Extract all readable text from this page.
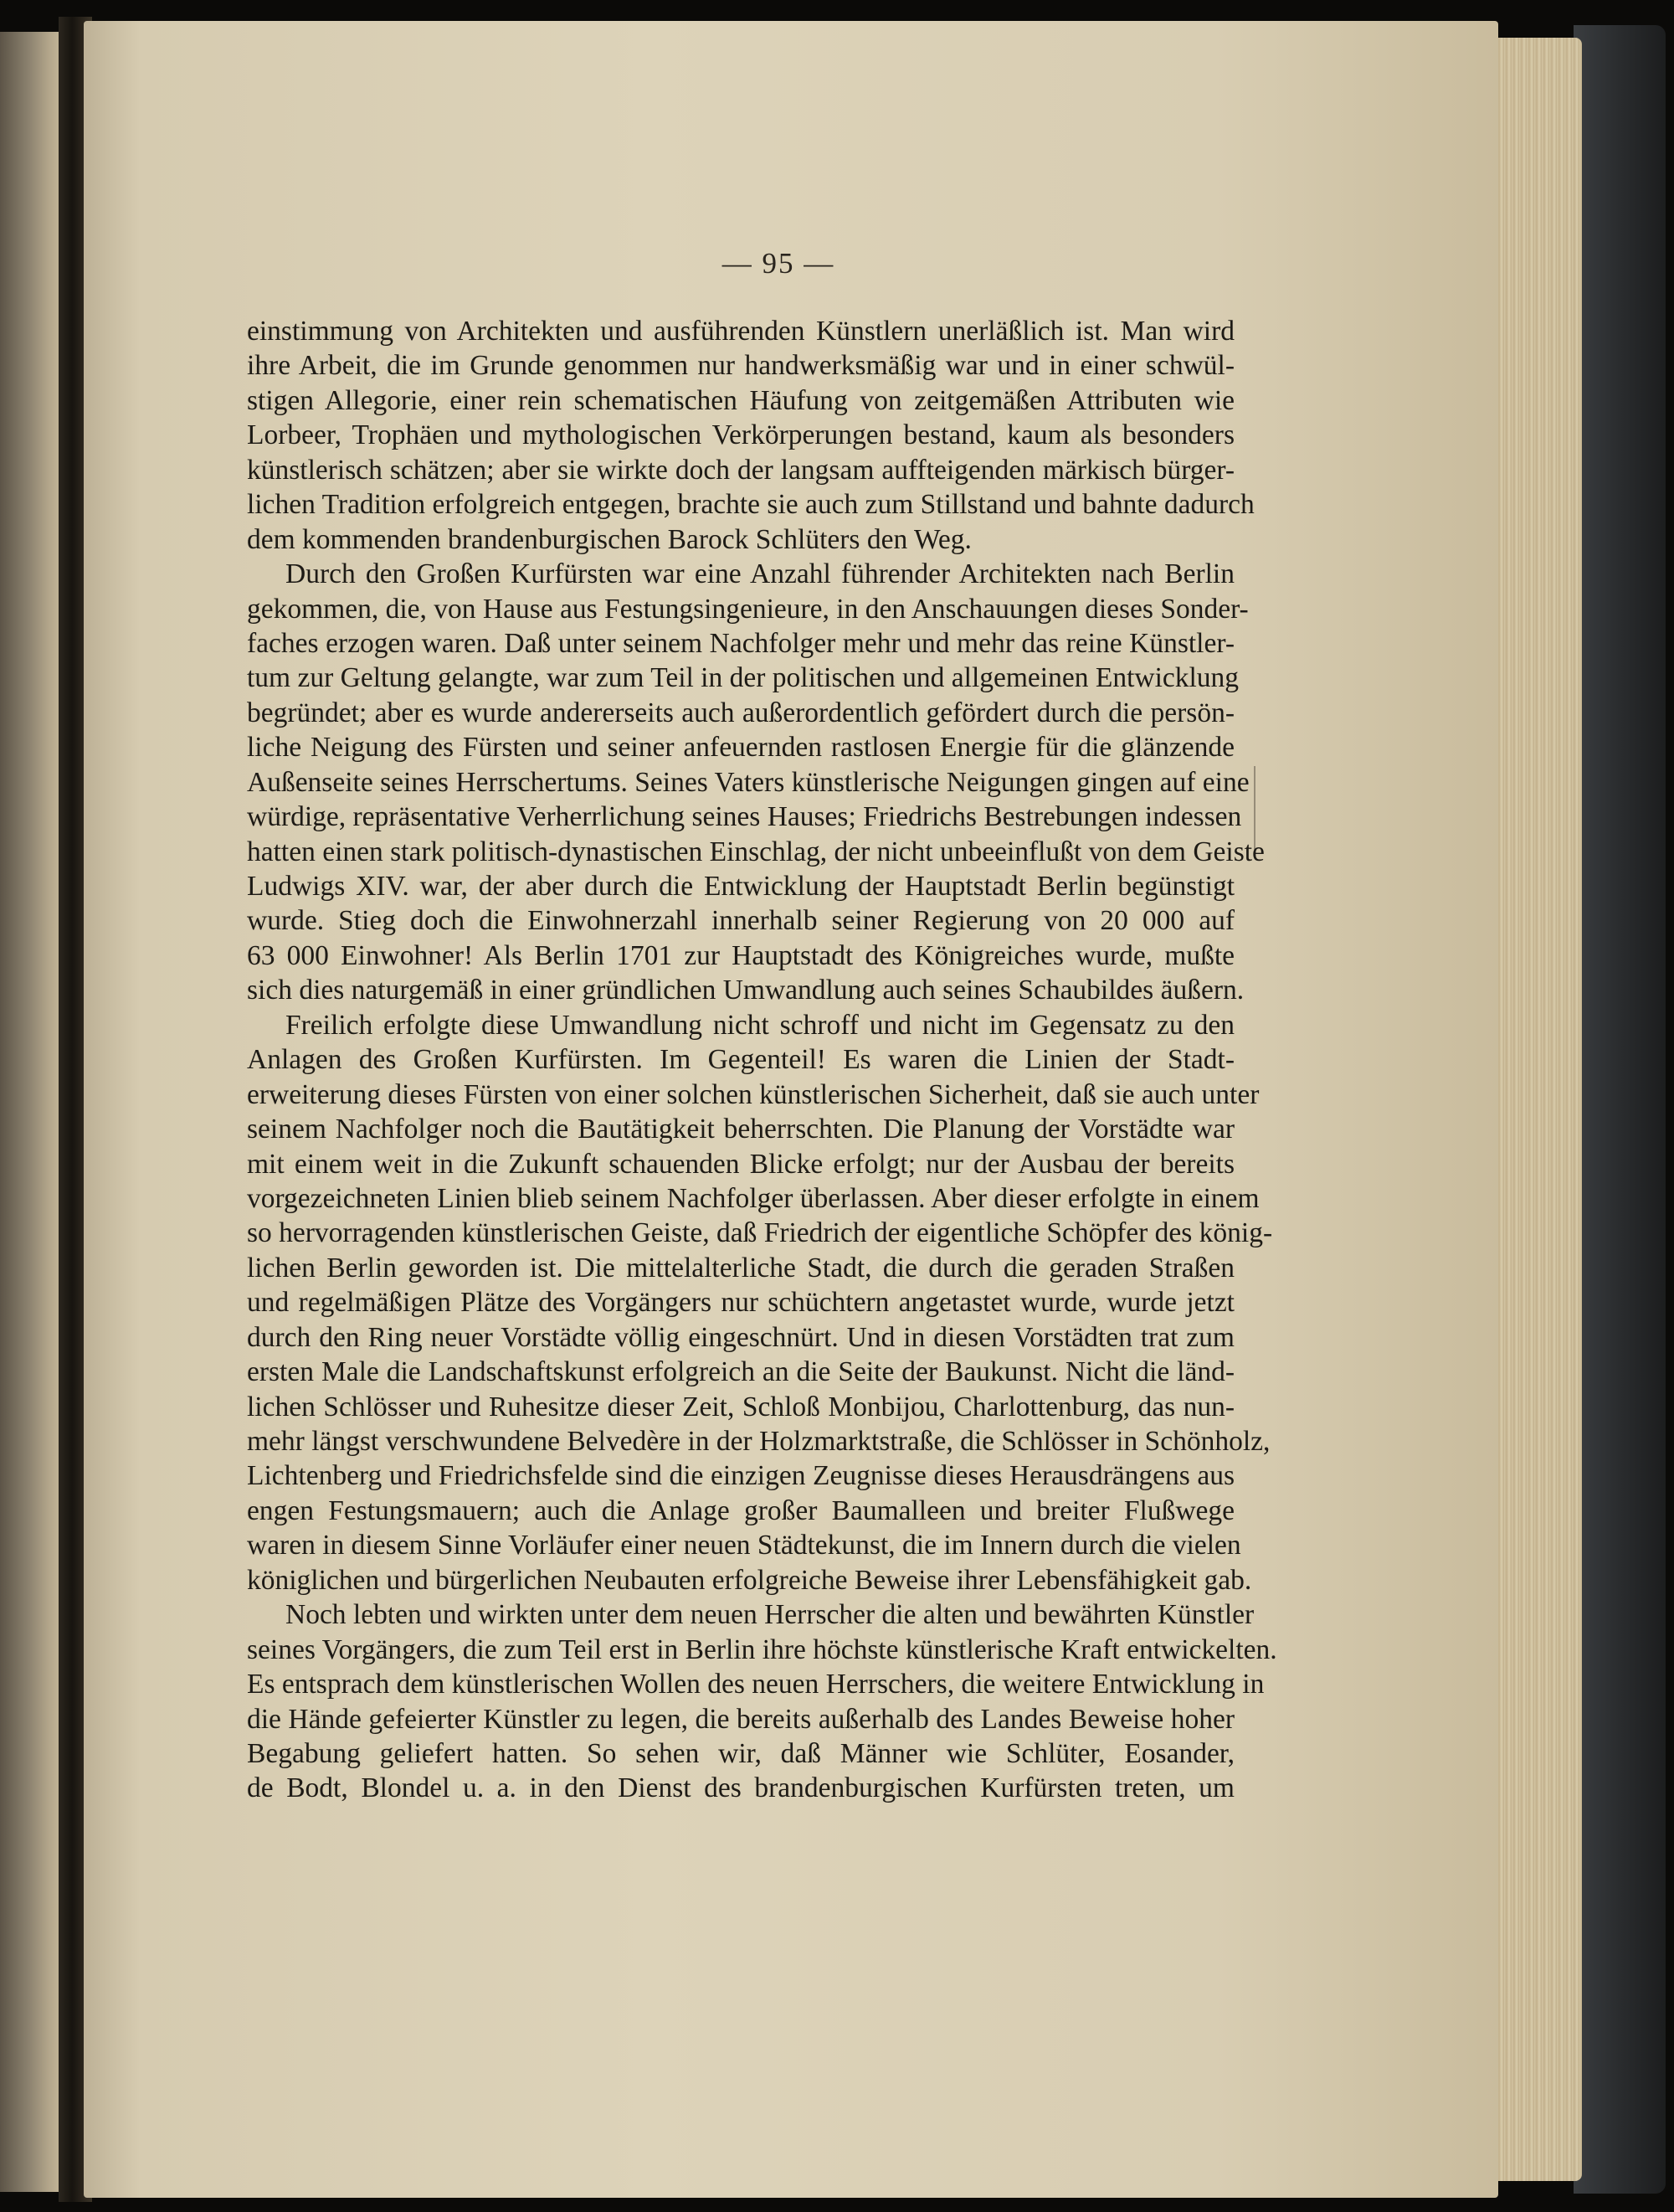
— 95 —
einstimmung von Architekten und ausführenden Künstlern unerläßlich ist. Man wird
ihre Arbeit, die im Grunde genommen nur handwerksmäßig war und in einer schwül-
stigen Allegorie, einer rein schematischen Häufung von zeitgemäßen Attributen wie
Lorbeer, Trophäen und mythologischen Verkörperungen bestand, kaum als besonders
künstlerisch schätzen; aber sie wirkte doch der langsam auffteigenden märkisch bürger-
lichen Tradition erfolgreich entgegen, brachte sie auch zum Stillstand und bahnte dadurch
dem kommenden brandenburgischen Barock Schlüters den Weg.
Durch den Großen Kurfürsten war eine Anzahl führender Architekten nach Berlin
gekommen, die, von Hause aus Festungsingenieure, in den Anschauungen dieses Sonder-
faches erzogen waren. Daß unter seinem Nachfolger mehr und mehr das reine Künstler-
tum zur Geltung gelangte, war zum Teil in der politischen und allgemeinen Entwicklung
begründet; aber es wurde andererseits auch außerordentlich gefördert durch die persön-
liche Neigung des Fürsten und seiner anfeuernden rastlosen Energie für die glänzende
Außenseite seines Herrschertums. Seines Vaters künstlerische Neigungen gingen auf eine
würdige, repräsentative Verherrlichung seines Hauses; Friedrichs Bestrebungen indessen
hatten einen stark politisch-dynastischen Einschlag, der nicht unbeeinflußt von dem Geiste
Ludwigs XIV. war, der aber durch die Entwicklung der Hauptstadt Berlin begünstigt
wurde. Stieg doch die Einwohnerzahl innerhalb seiner Regierung von 20 000 auf
63 000 Einwohner! Als Berlin 1701 zur Hauptstadt des Königreiches wurde, mußte
sich dies naturgemäß in einer gründlichen Umwandlung auch seines Schaubildes äußern.
Freilich erfolgte diese Umwandlung nicht schroff und nicht im Gegensatz zu den
Anlagen des Großen Kurfürsten. Im Gegenteil! Es waren die Linien der Stadt-
erweiterung dieses Fürsten von einer solchen künstlerischen Sicherheit, daß sie auch unter
seinem Nachfolger noch die Bautätigkeit beherrschten. Die Planung der Vorstädte war
mit einem weit in die Zukunft schauenden Blicke erfolgt; nur der Ausbau der bereits
vorgezeichneten Linien blieb seinem Nachfolger überlassen. Aber dieser erfolgte in einem
so hervorragenden künstlerischen Geiste, daß Friedrich der eigentliche Schöpfer des könig-
lichen Berlin geworden ist. Die mittelalterliche Stadt, die durch die geraden Straßen
und regelmäßigen Plätze des Vorgängers nur schüchtern angetastet wurde, wurde jetzt
durch den Ring neuer Vorstädte völlig eingeschnürt. Und in diesen Vorstädten trat zum
ersten Male die Landschaftskunst erfolgreich an die Seite der Baukunst. Nicht die länd-
lichen Schlösser und Ruhesitze dieser Zeit, Schloß Monbijou, Charlottenburg, das nun-
mehr längst verschwundene Belvedère in der Holzmarktstraße, die Schlösser in Schönholz,
Lichtenberg und Friedrichsfelde sind die einzigen Zeugnisse dieses Herausdrängens aus
engen Festungsmauern; auch die Anlage großer Baumalleen und breiter Flußwege
waren in diesem Sinne Vorläufer einer neuen Städtekunst, die im Innern durch die vielen
königlichen und bürgerlichen Neubauten erfolgreiche Beweise ihrer Lebensfähigkeit gab.
Noch lebten und wirkten unter dem neuen Herrscher die alten und bewährten Künstler
seines Vorgängers, die zum Teil erst in Berlin ihre höchste künstlerische Kraft entwickelten.
Es entsprach dem künstlerischen Wollen des neuen Herrschers, die weitere Entwicklung in
die Hände gefeierter Künstler zu legen, die bereits außerhalb des Landes Beweise hoher
Begabung geliefert hatten. So sehen wir, daß Männer wie Schlüter, Eosander,
de Bodt, Blondel u. a. in den Dienst des brandenburgischen Kurfürsten treten, um
